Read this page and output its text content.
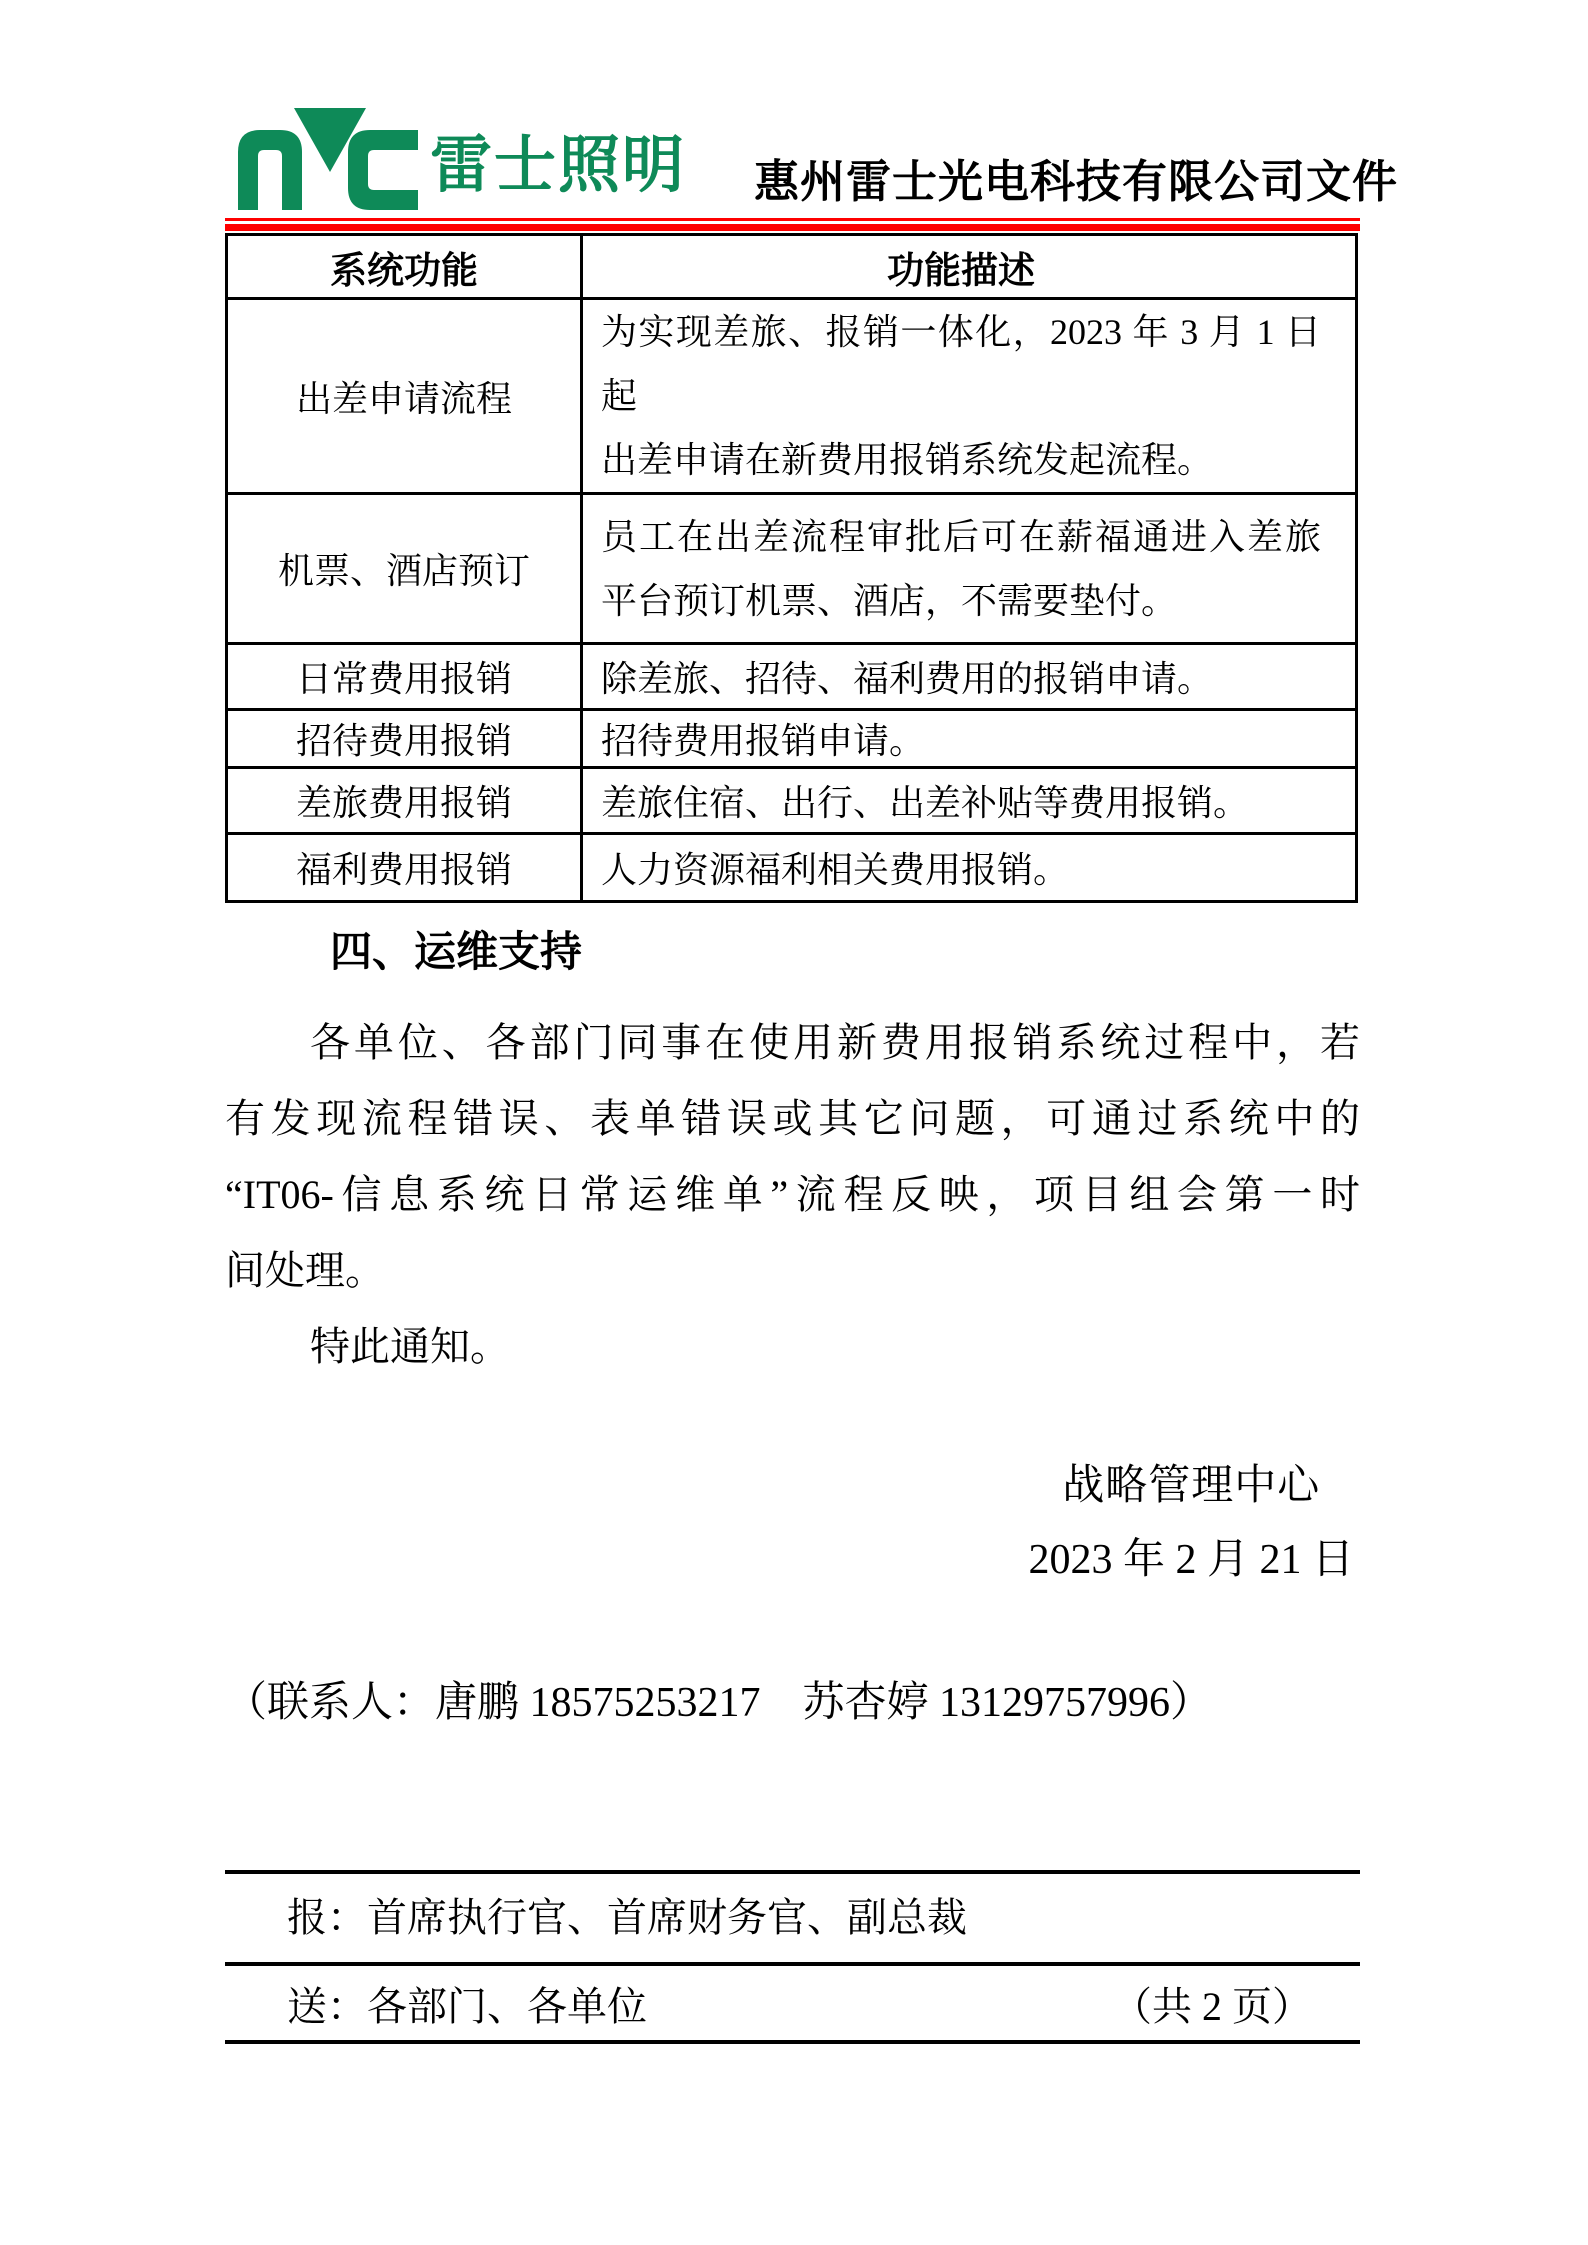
雷士照明 惠州雷士光电科技有限公司文件
系统功能	功能描述
出差申请流程	为实现差旅、报销一体化，2023 年 3 月 1 日起
出差申请在新费用报销系统发起流程。

机票、酒店预订	员工在出差流程审批后可在薪福通进入差旅
平台预订机票、酒店，不需要垫付。

日常费用报销	除差旅、招待、福利费用的报销申请。

招待费用报销	招待费用报销申请。

差旅费用报销	差旅住宿、出行、出差补贴等费用报销。

福利费用报销	人力资源福利相关费用报销。
四、运维支持
各单位、各部门同事在使用新费用报销系统过程中，若
有发现流程错误、表单错误或其它问题，可通过系统中的
“IT06-信息系统日常运维单”流程反映，项目组会第一时
间处理。
特此通知。
战略管理中心
2023 年 2 月 21 日
（联系人：唐鹏 18575253217　苏杏婷 13129757996）
报：首席执行官、首席财务官、副总裁
送：各部门、各单位	（共 2 页）
